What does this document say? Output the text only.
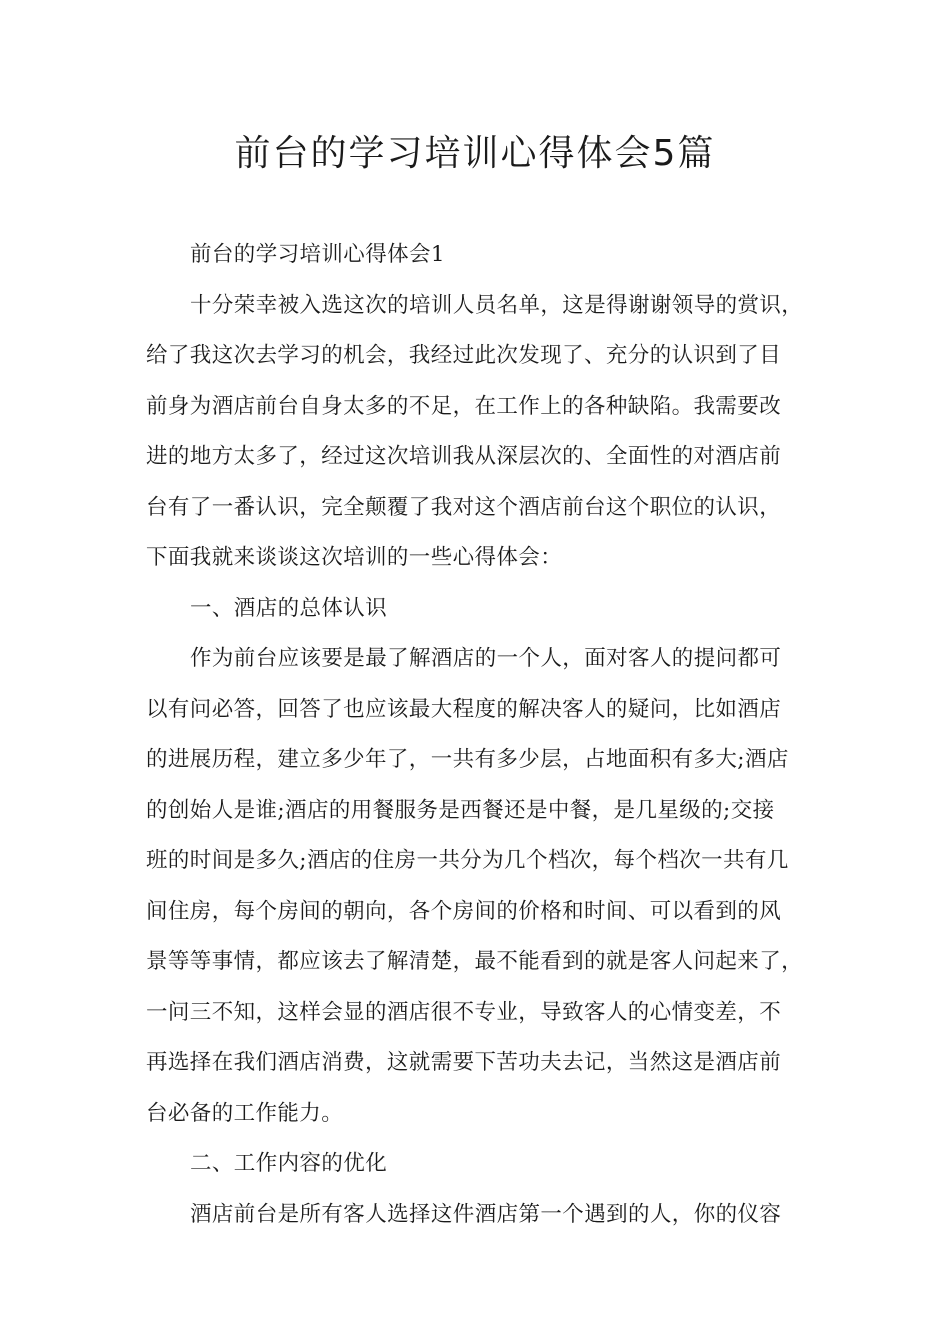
前台的学习培训心得体会5篇

前台的学习培训心得体会1

十分荣幸被入选这次的培训人员名单，这是得谢谢领导的赏识，
给了我这次去学习的机会，我经过此次发现了、充分的认识到了目
前身为酒店前台自身太多的不足，在工作上的各种缺陷。我需要改
进的地方太多了，经过这次培训我从深层次的、全面性的对酒店前
台有了一番认识，完全颠覆了我对这个酒店前台这个职位的认识，
下面我就来谈谈这次培训的一些心得体会：

一、酒店的总体认识

作为前台应该要是最了解酒店的一个人，面对客人的提问都可
以有问必答，回答了也应该最大程度的解决客人的疑问，比如酒店
的进展历程，建立多少年了，一共有多少层，占地面积有多大;酒店
的创始人是谁;酒店的用餐服务是西餐还是中餐，是几星级的;交接
班的时间是多久;酒店的住房一共分为几个档次，每个档次一共有几
间住房，每个房间的朝向，各个房间的价格和时间、可以看到的风
景等等事情，都应该去了解清楚，最不能看到的就是客人问起来了，
一问三不知，这样会显的酒店很不专业，导致客人的心情变差，不
再选择在我们酒店消费，这就需要下苦功夫去记，当然这是酒店前
台必备的工作能力。

二、工作内容的优化

酒店前台是所有客人选择这件酒店第一个遇到的人，你的仪容
